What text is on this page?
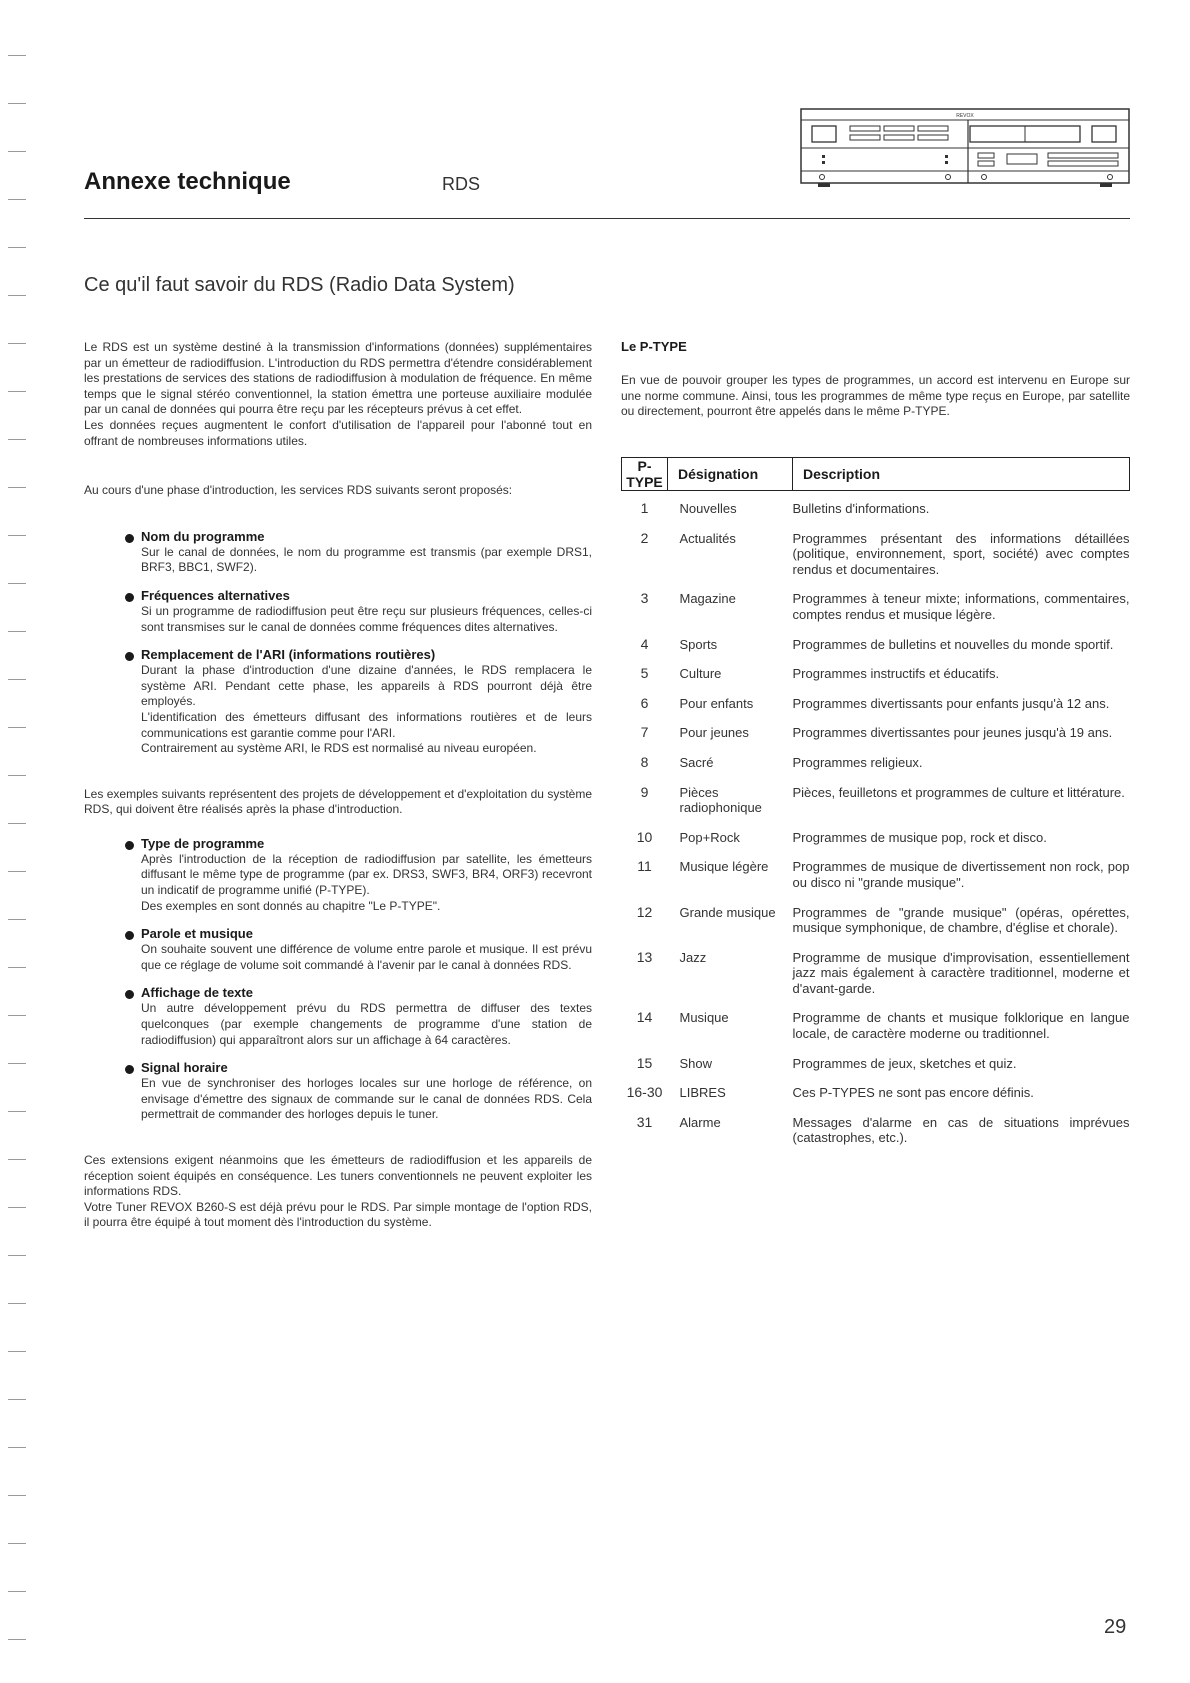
Annexe technique	RDS
REVOX
Ce qu'il faut savoir du RDS (Radio Data System)

Le RDS est un système destiné à la transmission d'informations (données) supplémentaires par un émetteur de radiodiffusion. L'introduction du RDS permettra d'étendre considérablement les prestations de services des stations de radiodiffusion à modulation de fréquence. En même temps que le signal stéréo conventionnel, la station émettra une porteuse auxiliaire modulée par un canal de données qui pourra être reçu par les récepteurs prévus à cet effet.

Les données reçues augmentent le confort d'utilisation de l'appareil pour l'abonné tout en offrant de nombreuses informations utiles.

Au cours d'une phase d'introduction, les services RDS suivants seront proposés:

Nom du programme

Sur le canal de données, le nom du programme est transmis (par exemple DRS1, BRF3, BBC1, SWF2).

Fréquences alternatives

Si un programme de radiodiffusion peut être reçu sur plusieurs fréquences, celles-ci sont transmises sur le canal de données comme fréquences dites alternatives.

Remplacement de l'ARI (informations routières)

Durant la phase d'introduction d'une dizaine d'années, le RDS remplacera le système ARI. Pendant cette phase, les appareils à RDS pourront déjà être employés.

L'identification des émetteurs diffusant des informations routières et de leurs communications est garantie comme pour l'ARI.

Contrairement au système ARI, le RDS est normalisé au niveau européen.

Les exemples suivants représentent des projets de développement et d'exploitation du système RDS, qui doivent être réalisés après la phase d'introduction.

Type de programme

Après l'introduction de la réception de radiodiffusion par satellite, les émetteurs diffusant le même type de programme (par ex. DRS3, SWF3, BR4, ORF3) recevront un indicatif de programme unifié (P-TYPE).

Des exemples en sont donnés au chapitre "Le P-TYPE".

Parole et musique

On souhaite souvent une différence de volume entre parole et musique. Il est prévu que ce réglage de volume soit commandé à l'avenir par le canal à données RDS.

Affichage de texte

Un autre développement prévu du RDS permettra de diffuser des textes quelconques (par exemple changements de programme d'une station de radiodiffusion) qui apparaîtront alors sur un affichage à 64 caractères.

Signal horaire

En vue de synchroniser des horloges locales sur une horloge de référence, on envisage d'émettre des signaux de commande sur le canal de données RDS. Cela permettrait de commander des horloges depuis le tuner.

Ces extensions exigent néanmoins que les émetteurs de radiodiffusion et les appareils de réception soient équipés en conséquence. Les tuners conventionnels ne peuvent exploiter les informations RDS.

Votre Tuner REVOX B260-S est déjà prévu pour le RDS. Par simple montage de l'option RDS, il pourra être équipé à tout moment dès l'introduction du système.

Le P-TYPE

En vue de pouvoir grouper les types de programmes, un accord est intervenu en Europe sur une norme commune. Ainsi, tous les programmes de même type reçus en Europe, par satellite ou directement, pourront être appelés dans le même P-TYPE.

P-TYPE	Désignation	Description
1	Nouvelles	Bulletins d'informations.
2	Actualités	Programmes présentant des informations détaillées (politique, environnement, sport, société) avec comptes rendus et documentaires.
3	Magazine	Programmes à teneur mixte; informations, commentaires, comptes rendus et musique légère.
4	Sports	Programmes de bulletins et nouvelles du monde sportif.
5	Culture	Programmes instructifs et éducatifs.
6	Pour enfants	Programmes divertissants pour enfants jusqu'à 12 ans.
7	Pour jeunes	Programmes divertissantes pour jeunes jusqu'à 19 ans.
8	Sacré	Programmes religieux.
9	Pièces radiophonique	Pièces, feuilletons et programmes de culture et littérature.
10	Pop+Rock	Programmes de musique pop, rock et disco.
11	Musique légère	Programmes de musique de divertissement non rock, pop ou disco ni "grande musique".
12	Grande musique	Programmes de "grande musique" (opéras, opérettes, musique symphonique, de chambre, d'église et chorale).
13	Jazz	Programme de musique d'improvisation, essentiellement jazz mais également à caractère traditionnel, moderne et d'avant-garde.
14	Musique	Programme de chants et musique folklorique en langue locale, de caractère moderne ou traditionnel.
15	Show	Programmes de jeux, sketches et quiz.
16-30	LIBRES	Ces P-TYPES ne sont pas encore définis.
31	Alarme	Messages d'alarme en cas de situations imprévues (catastrophes, etc.).
29
